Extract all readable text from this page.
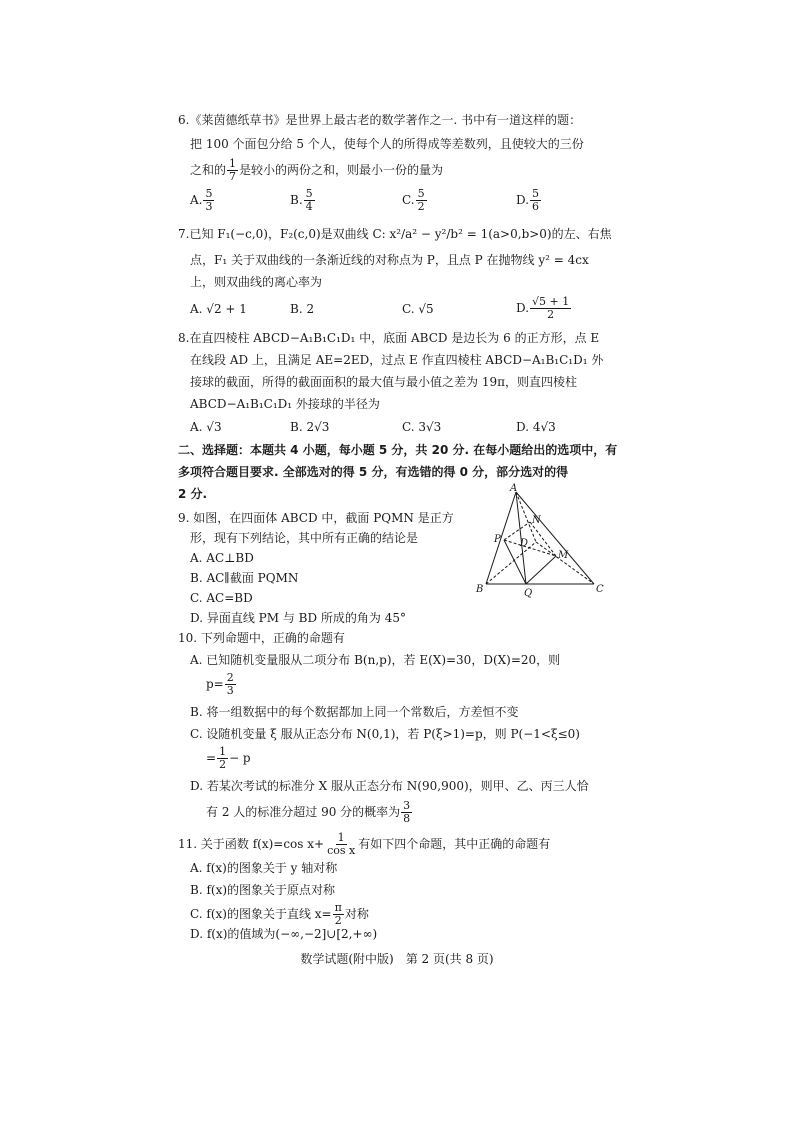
6.《莱茵德纸草书》是世界上最古老的数学著作之一. 书中有一道这样的题：
把 100 个面包分给 5 个人，使每个人的所得成等差数列，且使较大的三份
之和的 $\frac{1}{7}$ 是较小的两份之和，则最小一份的量为
A. $\frac{5}{3}$	B. $\frac{5}{4}$	C. $\frac{5}{2}$	D. $\frac{5}{6}$
7.已知 F₁(−c,0)，F₂(c,0)是双曲线 C: x²/a² − y²/b² = 1(a>0,b>0)的左、右焦
点，F₁ 关于双曲线的一条渐近线的对称点为 P，且点 P 在抛物线 y² = 4cx
上，则双曲线的离心率为
A. √2 + 1	B. 2	C. √5	D. $\frac{√5 + 1}{2}$
8.在直四棱柱 ABCD−A₁B₁C₁D₁ 中，底面 ABCD 是边长为 6 的正方形，点 E
在线段 AD 上，且满足 AE=2ED，过点 E 作直四棱柱 ABCD−A₁B₁C₁D₁ 外
接球的截面，所得的截面面积的最大值与最小值之差为 19π，则直四棱柱
ABCD−A₁B₁C₁D₁ 外接球的半径为
A. √3	B. 2√3	C. 3√3	D. 4√3
二、选择题：本题共 4 小题，每小题 5 分，共 20 分. 在每小题给出的选项中，有
多项符合题目要求. 全部选对的得 5 分，有选错的得 0 分，部分选对的得
2 分.
9. 如图，在四面体 ABCD 中，截面 PQMN 是正方
形，现有下列结论，其中所有正确的结论是
A. AC⊥BD
B. AC∥截面 PQMN
C. AC=BD
D. 异面直线 PM 与 BD 所成的角为 45°
A
N
P D
M
B	Q	C
10. 下列命题中，正确的命题有
A. 已知随机变量服从二项分布 B(n,p)，若 E(X)=30，D(X)=20，则
$p= \frac{2}{3}$
B. 将一组数据中的每个数据都加上同一个常数后，方差恒不变
C. 设随机变量 ξ 服从正态分布 N(0,1)，若 P(ξ>1)=p，则 P(−1<ξ≤0)
= $\frac{1}{2} - p$
D. 若某次考试的标准分 X 服从正态分布 N(90,900)，则甲、乙、丙三人恰
有 2 人的标准分超过 90 分的概率为 $\frac{3}{8}$
11. 关于函数 f(x)=cos $x+ \frac{1}{\text{cos x}}$ 有如下四个命题，其中正确的命题有
A. f(x)的图象关于 y 轴对称
B. f(x)的图象关于原点对称
C. f(x)的图象关于直线 $x= \frac{\pi}{2}$ 对称
D. f(x)的值域为(−∞,−2]∪[2,+∞)
数学试题(附中版)　第 2 页(共 8 页)
